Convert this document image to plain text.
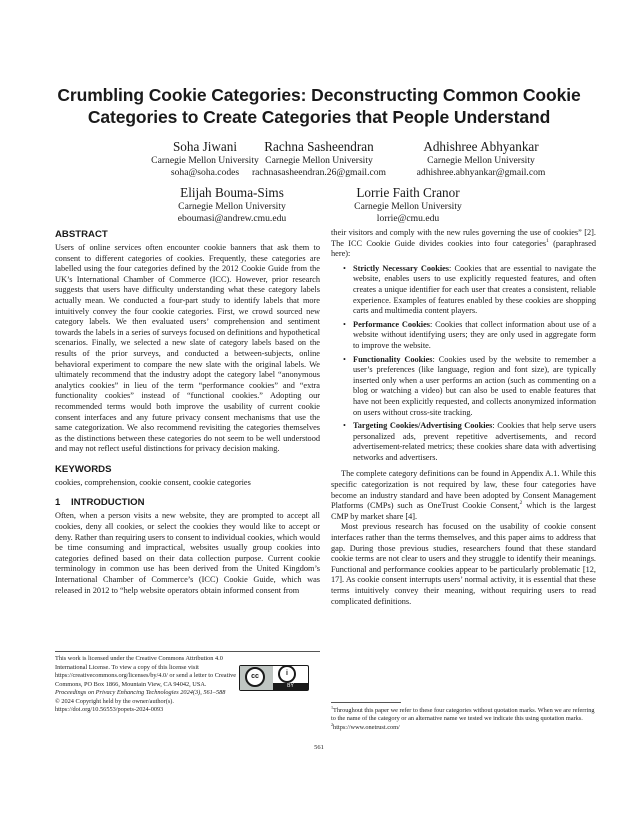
Crumbling Cookie Categories: Deconstructing Common Cookie Categories to Create Categories that People Understand
Soha Jiwani
Carnegie Mellon University
soha@soha.codes
Rachna Sasheendran
Carnegie Mellon University
rachnasasheendran.26@gmail.com
Adhishree Abhyankar
Carnegie Mellon University
adhishree.abhyankar@gmail.com
Elijah Bouma-Sims
Carnegie Mellon University
eboumasi@andrew.cmu.edu
Lorrie Faith Cranor
Carnegie Mellon University
lorrie@cmu.edu
ABSTRACT

Users of online services often encounter cookie banners that ask them to consent to different categories of cookies. Frequently, these categories are labelled using the four categories defined by the 2012 Cookie Guide from the UK’s International Chamber of Commerce (ICC). However, prior research suggests that users have difficulty understanding what these category labels actually mean. We conducted a four-part study to identify labels that more intuitively convey the four cookie categories. First, we crowd sourced new category labels. We then evaluated users’ comprehension and sentiment towards the labels in a series of surveys focused on definitions and hypothetical scenarios. Finally, we selected a new slate of category labels based on the results of the prior surveys, and conducted a between-subjects, online behavioral experiment to compare the new slate with the original labels. We ultimately recommend that the industry adopt the category label “anonymous analytics cookies” in lieu of the term “performance cookies” and “extra functionality cookies” instead of “functional cookies.” Adopting our recommended terms would both improve the usability of current cookie consent interfaces and any future privacy consent mechanisms that use the same categorization. We also recommend revisiting the categories themselves as the distinctions between these categories do not seem to be well understood and may not reflect useful distinctions for privacy decision making.

KEYWORDS

cookies, comprehension, cookie consent, cookie categories

1 INTRODUCTION

Often, when a person visits a new website, they are prompted to accept all cookies, deny all cookies, or select the cookies they would like to accept or deny. Rather than requiring users to consent to individual cookies, which would be time consuming and impractical, websites usually group cookies into categories defined based on their data collection purpose. Current cookie terminology in common use has been derived from the United Kingdom’s International Chamber of Commerce’s (ICC) Cookie Guide, which was released in 2012 to “help website operators obtain informed consent from

their visitors and comply with the new rules governing the use of cookies” [2]. The ICC Cookie Guide divides cookies into four categories$^1$ (paraphrased here):

• Strictly Necessary Cookies: Cookies that are essential to navigate the website, enables users to use explicitly requested features, and often creates a unique identifier for each user that creates a consistent, reliable experience. Examples of features enabled by these cookies are shopping carts and multimedia content players.
• Performance Cookies: Cookies that collect information about use of a website without identifying users; they are only used in aggregate form to improve the website.
• Functionality Cookies: Cookies used by the website to remember a user’s preferences (like language, region and font size), are typically inserted only when a user performs an action (such as commenting on a blog or watching a video) but can also be used to enable features that have not been explicitly requested, and collects anonymized information on users without cross-site tracking.
• Targeting Cookies/Advertising Cookies: Cookies that help serve users personalized ads, prevent repetitive advertisements, and record advertisement-related metrics; these cookies share data with advertising networks and advertisers.

The complete category definitions can be found in Appendix A.1. While this specific categorization is not required by law, these four categories have become an industry standard and have been adopted by Consent Management Platforms (CMPs) such as OneTrust Cookie Consent,$^2$ which is the largest CMP by market share [4].

Most previous research has focused on the usability of cookie consent interfaces rather than the terms themselves, and this paper aims to address that gap. During those previous studies, researchers found that these standard cookie terms are not clear to users and they struggle to identify their meanings. Functional and performance cookies appear to be particularly problematic [12, 17]. As cookie consent interrupts users’ normal activity, it is essential that these terms intuitively convey their meaning, without requiring users to read complicated definitions.

This work is licensed under the Creative Commons Attribution 4.0 International License. To view a copy of this license visit https://creativecommons.org/licenses/by/4.0/ or send a letter to Creative Commons, PO Box 1866, Mountain View, CA 94042, USA.
Proceedings on Privacy Enhancing Technologies 2024(3), 561–588
© 2024 Copyright held by the owner/author(s).
https://doi.org/10.56553/popets-2024-0093
cc	i
BY
$^1$Throughout this paper we refer to these four categories without quotation marks. When we are referring to the name of the category or an alternative name we tested we indicate this using quotation marks.
$^2$https://www.onetrust.com/
561
